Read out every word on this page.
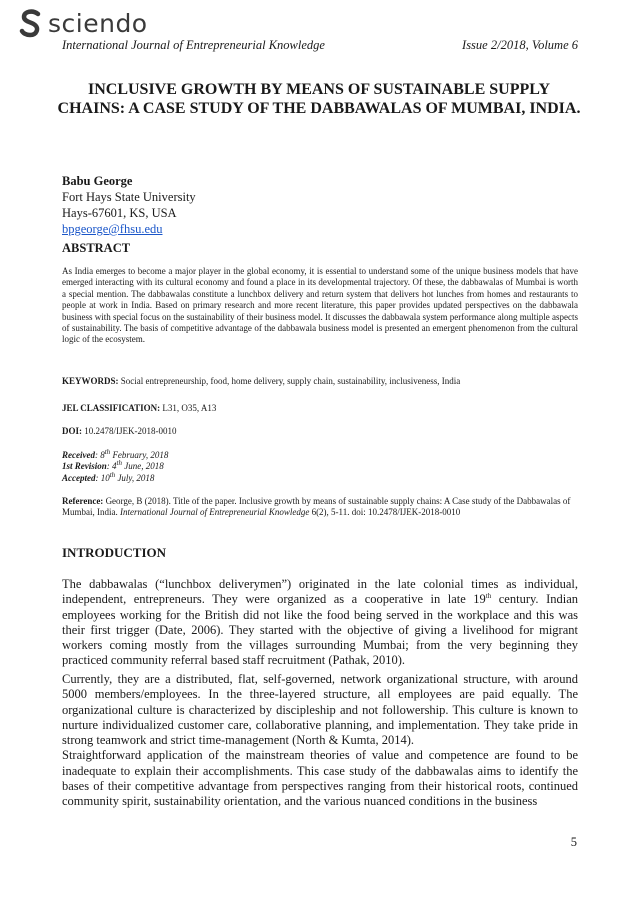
sciendo
International Journal of Entrepreneurial Knowledge	Issue 2/2018, Volume 6
INCLUSIVE GROWTH BY MEANS OF SUSTAINABLE SUPPLY CHAINS: A CASE STUDY OF THE DABBAWALAS OF MUMBAI, INDIA.
Babu George
Fort Hays State University
Hays-67601, KS, USA
bpgeorge@fhsu.edu
ABSTRACT
As India emerges to become a major player in the global economy, it is essential to understand some of the unique business models that have emerged interacting with its cultural economy and found a place in its developmental trajectory. Of these, the dabbawalas of Mumbai is worth a special mention. The dabbawalas constitute a lunchbox delivery and return system that delivers hot lunches from homes and restaurants to people at work in India. Based on primary research and more recent literature, this paper provides updated perspectives on the dabbawala business with special focus on the sustainability of their business model. It discusses the dabbawala system performance along multiple aspects of sustainability. The basis of competitive advantage of the dabbawala business model is presented an emergent phenomenon from the cultural logic of the ecosystem.
KEYWORDS: Social entrepreneurship, food, home delivery, supply chain, sustainability, inclusiveness, India
JEL CLASSIFICATION: L31, O35, A13
DOI: 10.2478/IJEK-2018-0010
Received: 8th February, 2018
1st Revision: 4th June, 2018
Accepted: 10th July, 2018
Reference: George, B (2018). Title of the paper. Inclusive growth by means of sustainable supply chains: A Case study of the Dabbawalas of Mumbai, India. International Journal of Entrepreneurial Knowledge 6(2), 5-11. doi: 10.2478/IJEK-2018-0010
INTRODUCTION

The dabbawalas (“lunchbox deliverymen”) originated in the late colonial times as individual, independent, entrepreneurs. They were organized as a cooperative in late 19th century. Indian employees working for the British did not like the food being served in the workplace and this was their first trigger (Date, 2006). They started with the objective of giving a livelihood for migrant workers coming mostly from the villages surrounding Mumbai; from the very beginning they practiced community referral based staff recruitment (Pathak, 2010).

Currently, they are a distributed, flat, self-governed, network organizational structure, with around 5000 members/employees. In the three-layered structure, all employees are paid equally. The organizational culture is characterized by discipleship and not followership. This culture is known to nurture individualized customer care, collaborative planning, and implementation. They take pride in strong teamwork and strict time-management (North & Kumta, 2014).

Straightforward application of the mainstream theories of value and competence are found to be inadequate to explain their accomplishments. This case study of the dabbawalas aims to identify the bases of their competitive advantage from perspectives ranging from their historical roots, continued community spirit, sustainability orientation, and the various nuanced conditions in the business

5
